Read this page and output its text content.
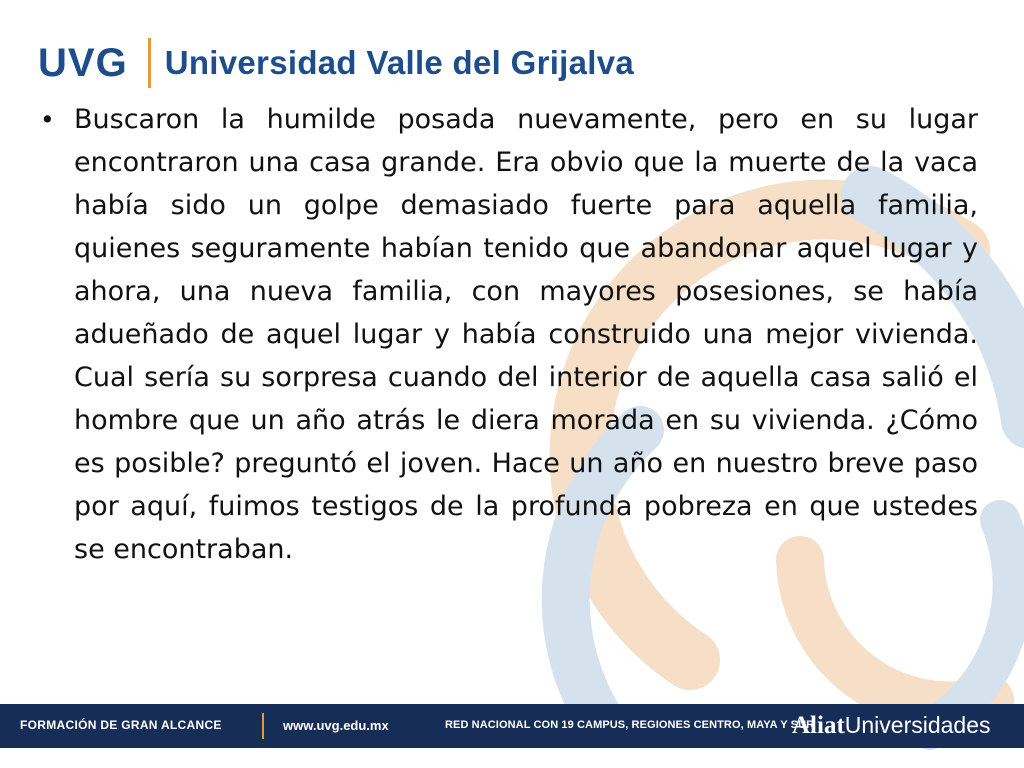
UVG Universidad Valle del Grijalva
• Buscaron la humilde posada nuevamente, pero en su lugar encontraron una casa grande. Era obvio que la muerte de la vaca había sido un golpe demasiado fuerte para aquella familia, quienes seguramente habían tenido que abandonar aquel lugar y ahora, una nueva familia, con mayores posesiones, se había adueñado de aquel lugar y había construido una mejor vivienda. Cual sería su sorpresa cuando del interior de aquella casa salió el hombre que un año atrás le diera morada en su vivienda. ¿Cómo es posible? preguntó el joven. Hace un año en nuestro breve paso por aquí, fuimos testigos de la profunda pobreza en que ustedes se encontraban.

FORMACIÓN DE GRAN ALCANCE	www.uvg.edu.mx	RED NACIONAL CON 19 CAMPUS, REGIONES CENTRO, MAYA Y SUR
AliatUniversidades
